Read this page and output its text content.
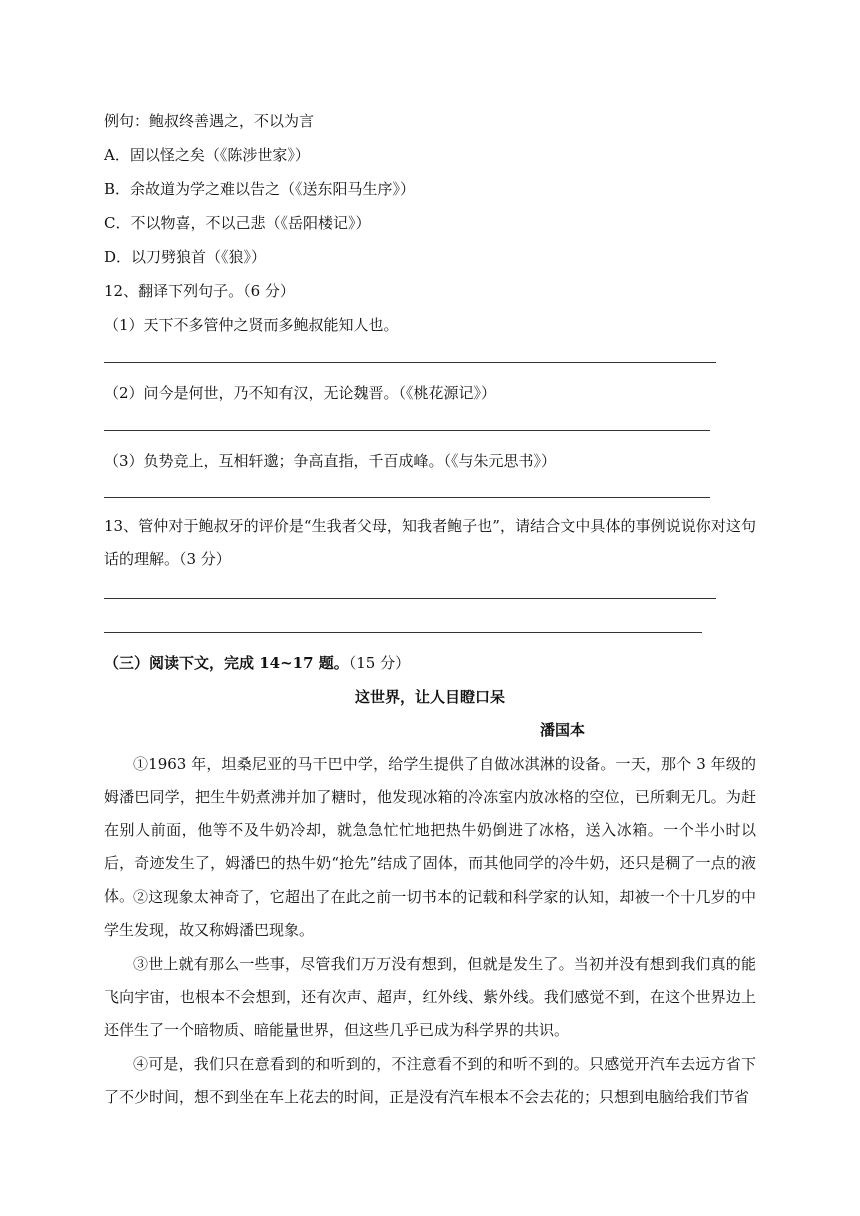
例句：鲍叔终善遇之，不以为言
A．固以怪之矣（《陈涉世家》）
B．余故道为学之难以告之（《送东阳马生序》）
C．不以物喜，不以己悲（《岳阳楼记》）
D．以刀劈狼首（《狼》）
12、翻译下列句子。（6 分）
（1）天下不多管仲之贤而多鲍叔能知人也。
（2）问今是何世，乃不知有汉，无论魏晋。（《桃花源记》）
（3）负势竞上，互相轩邈；争高直指，千百成峰。（《与朱元思书》）
13、管仲对于鲍叔牙的评价是“生我者父母，知我者鲍子也”，请结合文中具体的事例说说你对这句话的理解。（3 分）
（三）阅读下文，完成 14~17 题。（15 分）
这世界，让人目瞪口呆
潘国本
①1963 年，坦桑尼亚的马干巴中学，给学生提供了自做冰淇淋的设备。一天，那个 3 年级的姆潘巴同学，把生牛奶煮沸并加了糖时，他发现冰箱的冷冻室内放冰格的空位，已所剩无几。为赶在别人前面，他等不及牛奶冷却，就急急忙忙地把热牛奶倒进了冰格，送入冰箱。一个半小时以后，奇迹发生了，姆潘巴的热牛奶“抢先”结成了固体，而其他同学的冷牛奶，还只是稠了一点的液体。
②这现象太神奇了，它超出了在此之前一切书本的记载和科学家的认知，却被一个十几岁的中学生发现，故又称姆潘巴现象。
③世上就有那么一些事，尽管我们万万没有想到，但就是发生了。当初并没有想到我们真的能飞向宇宙，也根本不会想到，还有次声、超声，红外线、紫外线。我们感觉不到，在这个世界边上还伴生了一个暗物质、暗能量世界，但这些几乎已成为科学界的共识。
④可是，我们只在意看到的和听到的，不注意看不到的和听不到的。只感觉开汽车去远方省下了不少时间，想不到坐在车上花去的时间，正是没有汽车根本不会去花的；只想到电脑给我们节省
